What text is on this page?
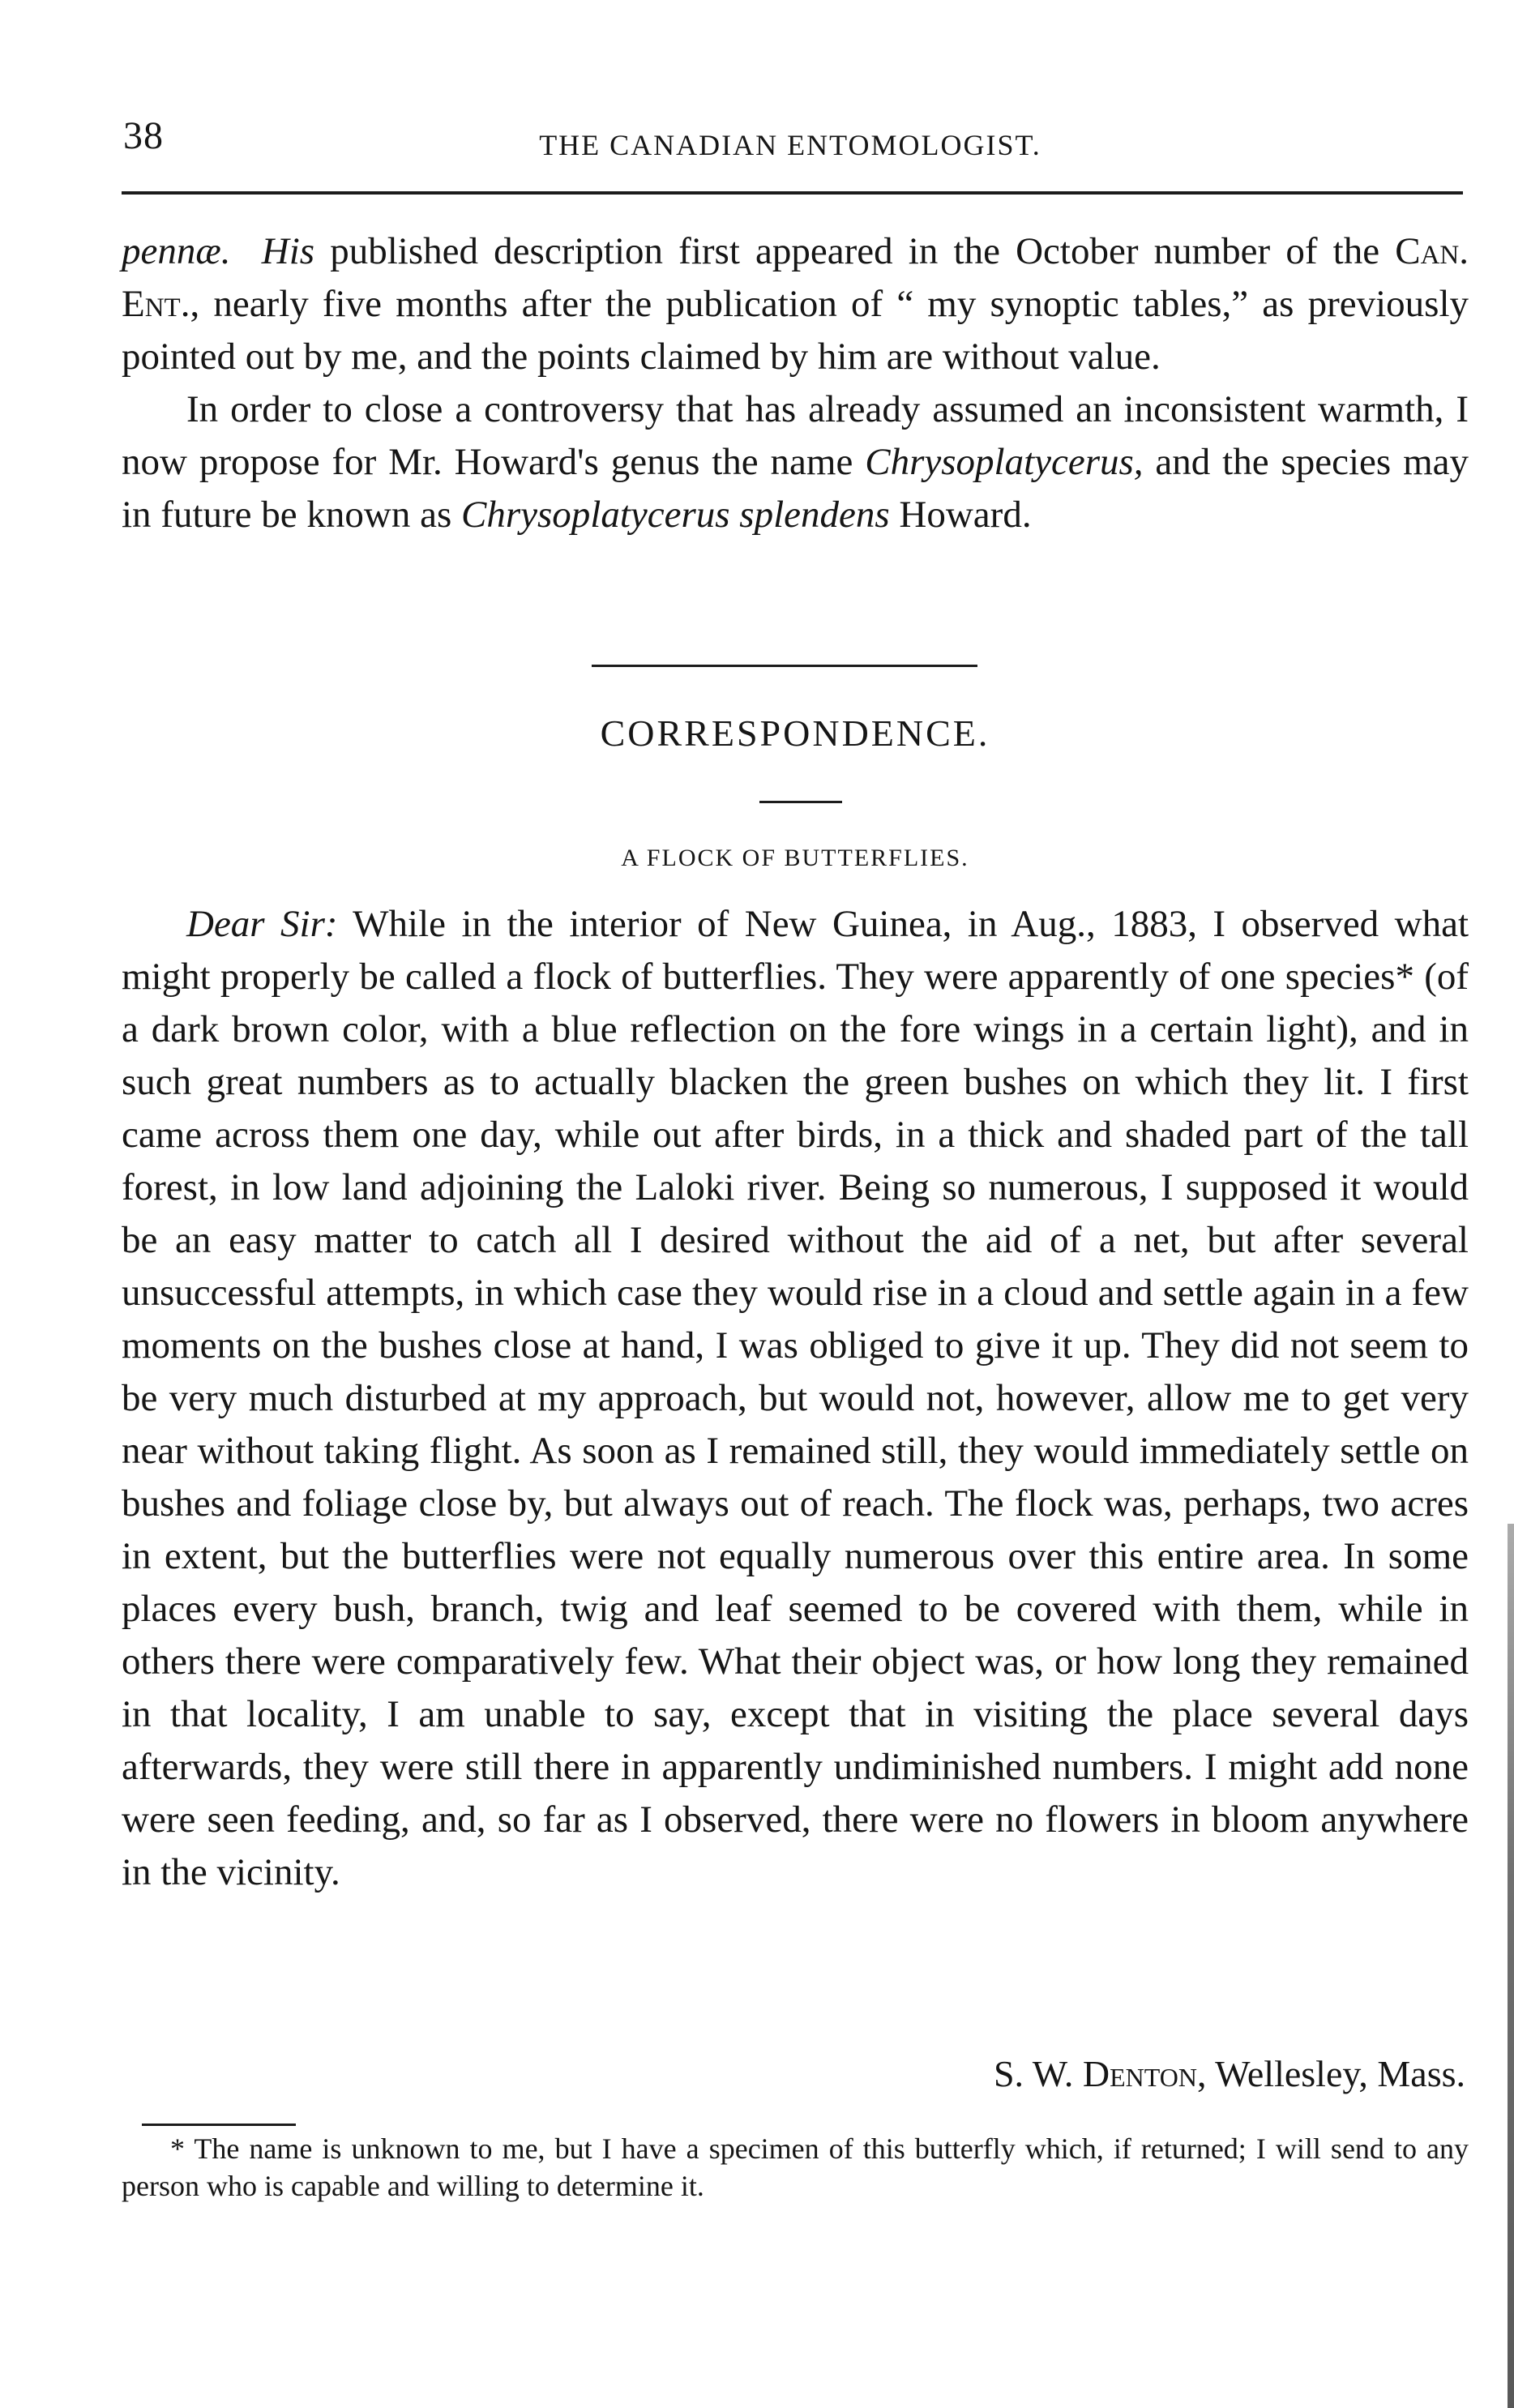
38	THE CANADIAN ENTOMOLOGIST.

pennæ. His published description first appeared in the October number of the Can. Ent., nearly five months after the publication of “ my synoptic tables,” as previously pointed out by me, and the points claimed by him are without value.

In order to close a controversy that has already assumed an inconsistent warmth, I now propose for Mr. Howard's genus the name Chrysoplatycerus, and the species may in future be known as Chrysoplatycerus splendens Howard.

CORRESPONDENCE.
A FLOCK OF BUTTERFLIES.

Dear Sir: While in the interior of New Guinea, in Aug., 1883, I observed what might properly be called a flock of butterflies. They were apparently of one species* (of a dark brown color, with a blue reflection on the fore wings in a certain light), and in such great numbers as to actually blacken the green bushes on which they lit. I first came across them one day, while out after birds, in a thick and shaded part of the tall forest, in low land adjoining the Laloki river. Being so numerous, I supposed it would be an easy matter to catch all I desired without the aid of a net, but after several unsuccessful attempts, in which case they would rise in a cloud and settle again in a few moments on the bushes close at hand, I was obliged to give it up. They did not seem to be very much disturbed at my approach, but would not, however, allow me to get very near without taking flight. As soon as I remained still, they would immediately settle on bushes and foliage close by, but always out of reach. The flock was, perhaps, two acres in extent, but the butterflies were not equally numerous over this entire area. In some places every bush, branch, twig and leaf seemed to be covered with them, while in others there were comparatively few. What their object was, or how long they remained in that locality, I am unable to say, except that in visiting the place several days afterwards, they were still there in apparently undiminished numbers. I might add none were seen feeding, and, so far as I observed, there were no flowers in bloom anywhere in the vicinity.

S. W. Denton, Wellesley, Mass.

* The name is unknown to me, but I have a specimen of this butterfly which, if returned; I will send to any person who is capable and willing to determine it.
